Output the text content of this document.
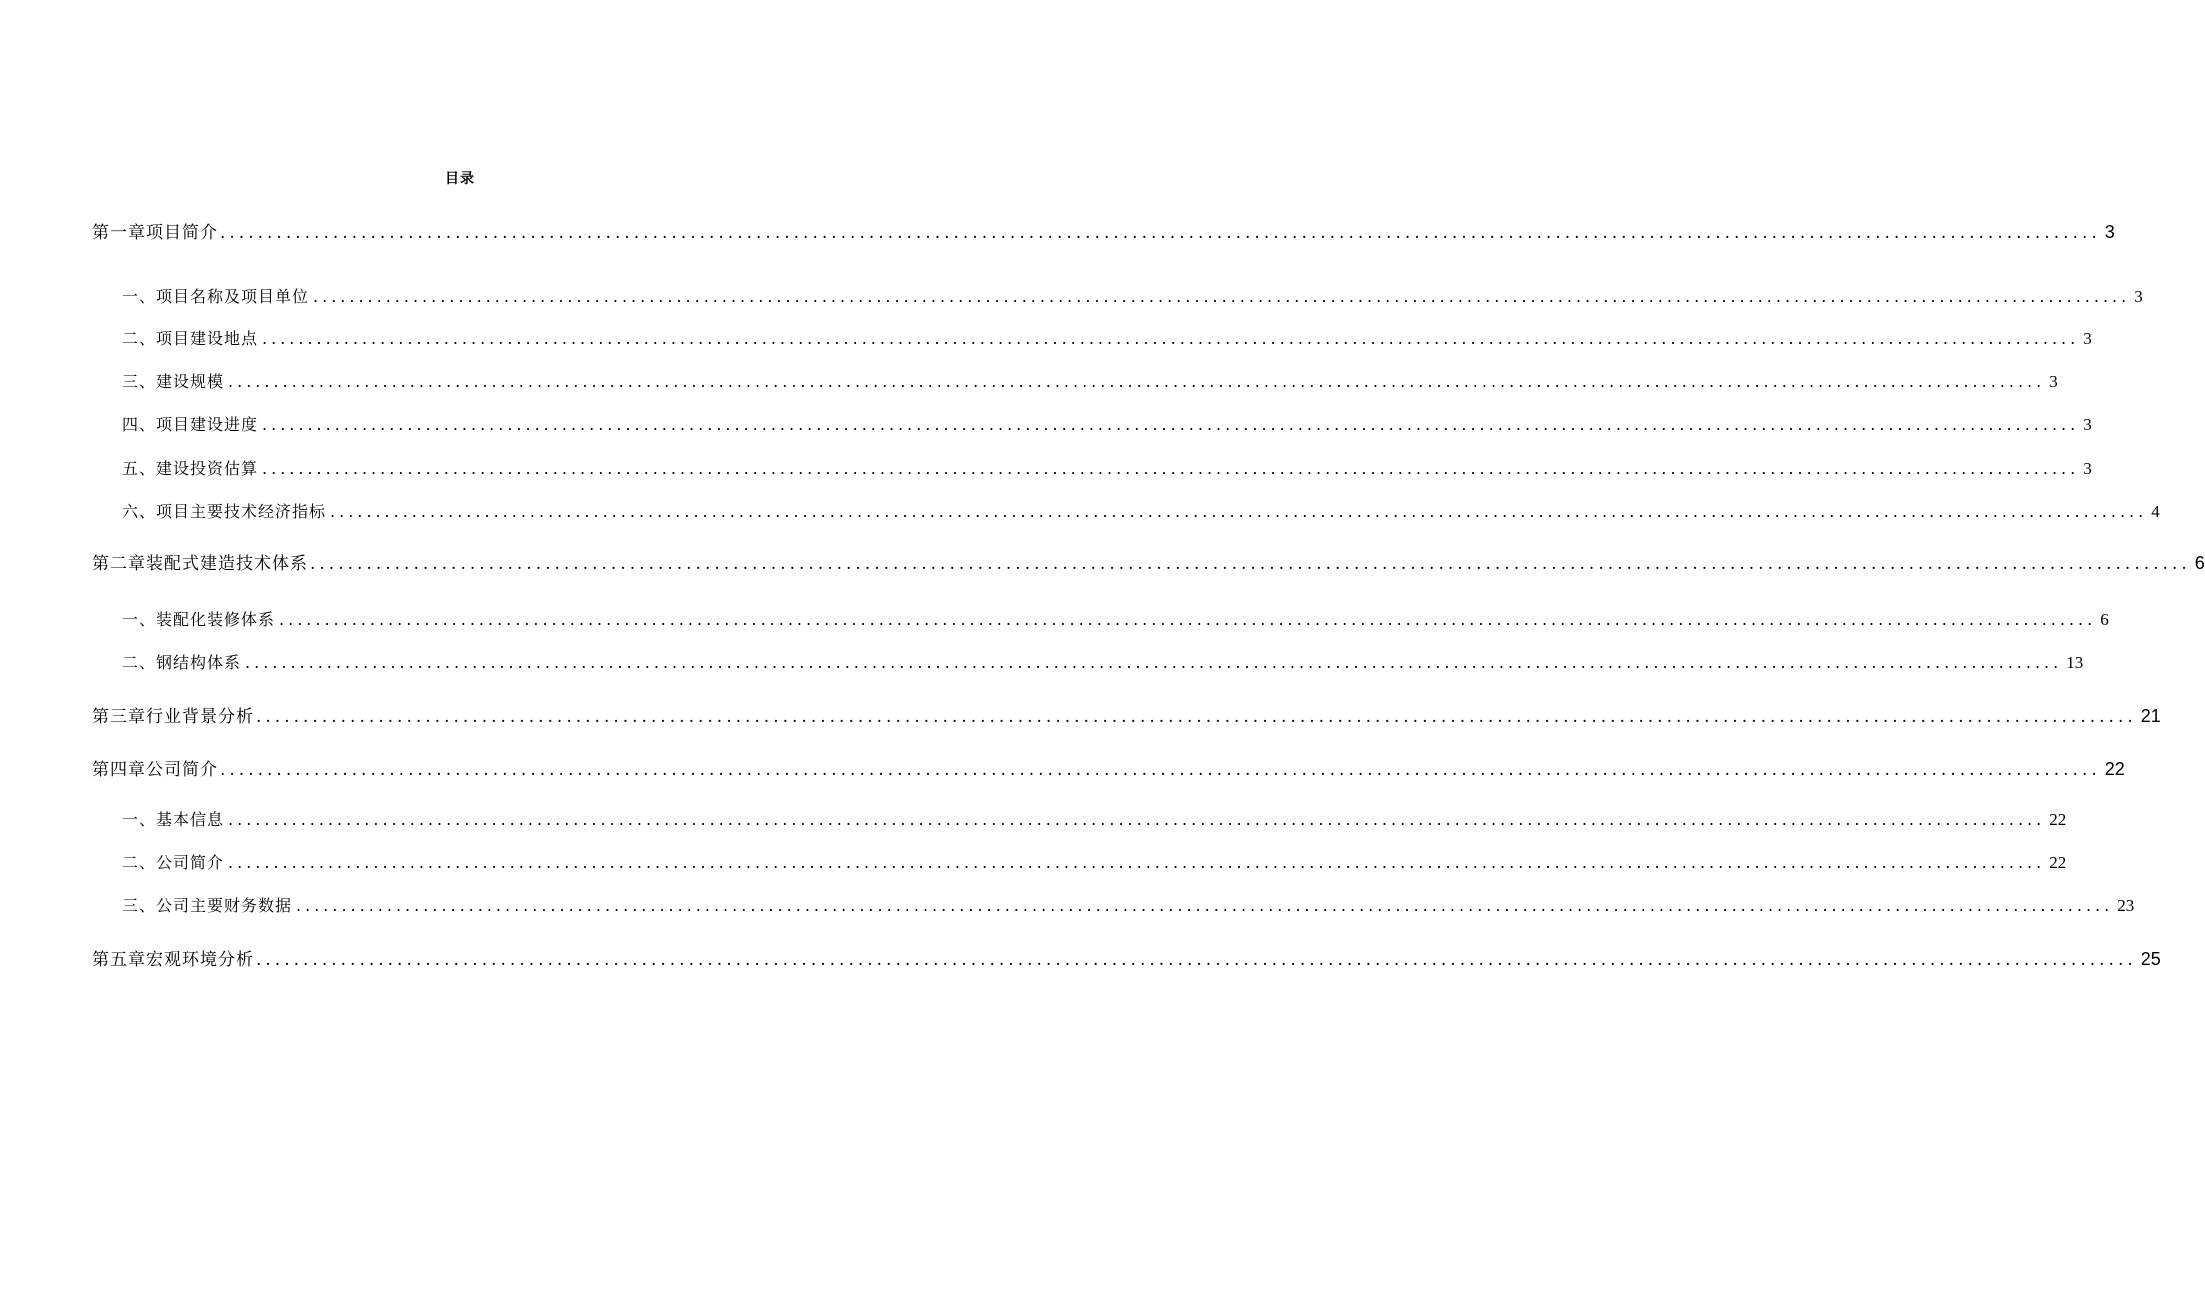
目录
第一章项目简介 ........................................................................................................................................................................................................ 3
一、项目名称及项目单位 ........................................................................................................................................................................................................ 3
二、项目建设地点 ........................................................................................................................................................................................................ 3
三、建设规模 ........................................................................................................................................................................................................ 3
四、项目建设进度 ........................................................................................................................................................................................................ 3
五、建设投资估算 ........................................................................................................................................................................................................ 3
六、项目主要技术经济指标 ........................................................................................................................................................................................................ 4
第二章装配式建造技术体系 ........................................................................................................................................................................................................ 6
一、装配化装修体系 ........................................................................................................................................................................................................ 6
二、钢结构体系 ........................................................................................................................................................................................................ 13
第三章行业背景分析 ........................................................................................................................................................................................................ 21
第四章公司简介 ........................................................................................................................................................................................................ 22
一、基本信息 ........................................................................................................................................................................................................ 22
二、公司简介 ........................................................................................................................................................................................................ 22
三、公司主要财务数据 ........................................................................................................................................................................................................ 23
第五章宏观环境分析 ........................................................................................................................................................................................................ 25
